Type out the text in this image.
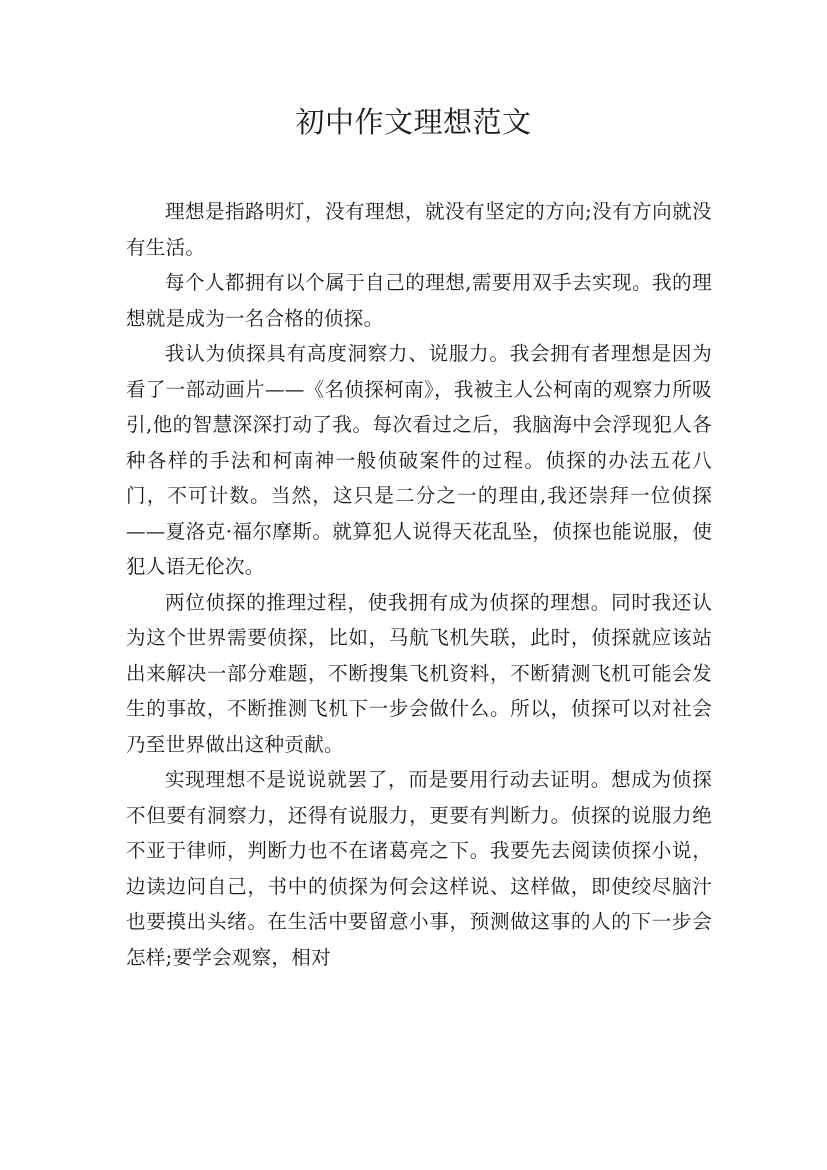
初中作文理想范文

理想是指路明灯，没有理想，就没有坚定的方向;没有方向就没有生活。

每个人都拥有以个属于自己的理想,需要用双手去实现。我的理想就是成为一名合格的侦探。

我认为侦探具有高度洞察力、说服力。我会拥有者理想是因为看了一部动画片——《名侦探柯南》，我被主人公柯南的观察力所吸引,他的智慧深深打动了我。每次看过之后，我脑海中会浮现犯人各种各样的手法和柯南神一般侦破案件的过程。侦探的办法五花八门，不可计数。当然，这只是二分之一的理由,我还崇拜一位侦探——夏洛克·福尔摩斯。就算犯人说得天花乱坠，侦探也能说服，使犯人语无伦次。

两位侦探的推理过程，使我拥有成为侦探的理想。同时我还认为这个世界需要侦探，比如，马航飞机失联，此时，侦探就应该站出来解决一部分难题，不断搜集飞机资料，不断猜测飞机可能会发生的事故，不断推测飞机下一步会做什么。所以，侦探可以对社会乃至世界做出这种贡献。

实现理想不是说说就罢了，而是要用行动去证明。想成为侦探不但要有洞察力，还得有说服力，更要有判断力。侦探的说服力绝不亚于律师，判断力也不在诸葛亮之下。我要先去阅读侦探小说，边读边问自己，书中的侦探为何会这样说、这样做，即使绞尽脑汁也要摸出头绪。在生活中要留意小事，预测做这事的人的下一步会怎样;要学会观察，相对
